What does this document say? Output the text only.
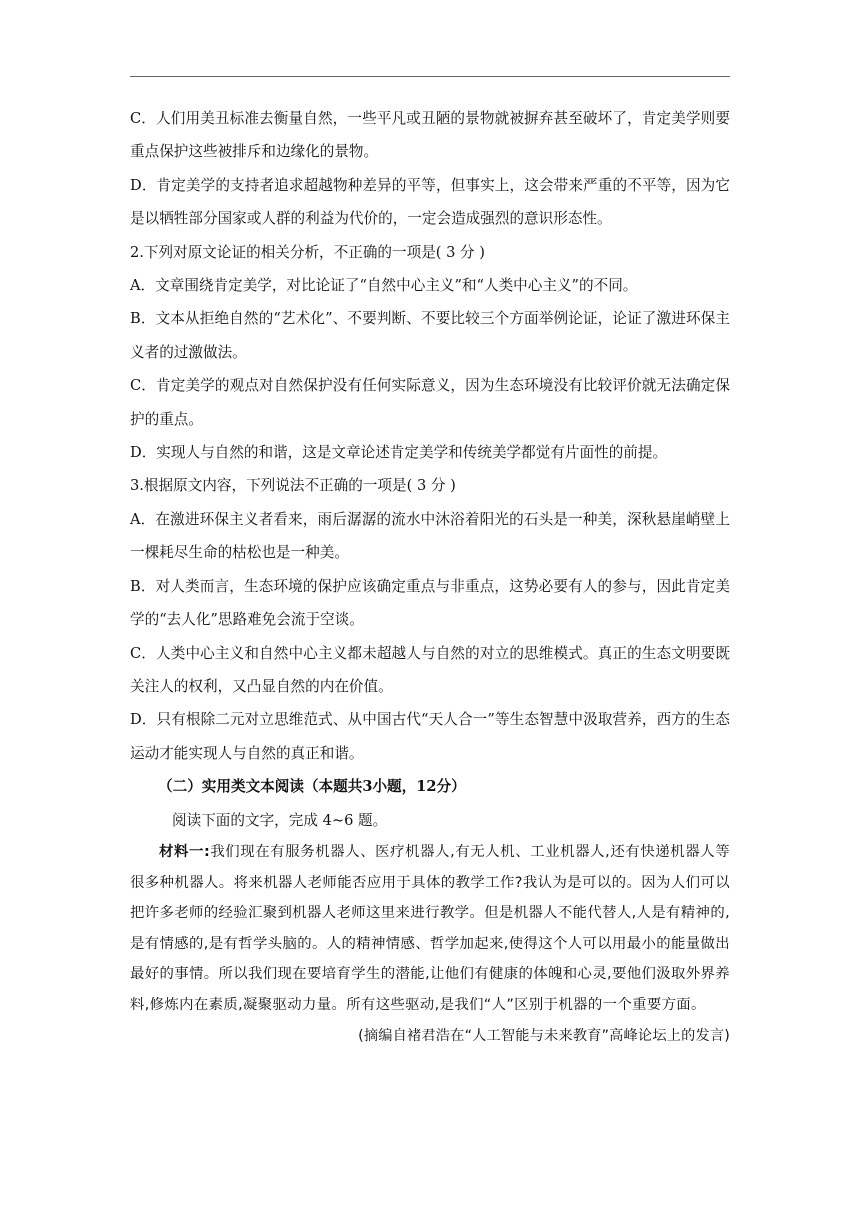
C．人们用美丑标准去衡量自然，一些平凡或丑陋的景物就被摒弃甚至破坏了，肯定美学则要重点保护这些被排斥和边缘化的景物。

D．肯定美学的支持者追求超越物种差异的平等，但事实上，这会带来严重的不平等，因为它是以牺牲部分国家或人群的利益为代价的，一定会造成强烈的意识形态性。

2.下列对原文论证的相关分析，不正确的一项是( 3 分 )

A．文章围绕肯定美学，对比论证了“自然中心主义”和“人类中心主义”的不同。

B．文本从拒绝自然的“艺术化”、不要判断、不要比较三个方面举例论证，论证了激进环保主义者的过激做法。

C．肯定美学的观点对自然保护没有任何实际意义，因为生态环境没有比较评价就无法确定保护的重点。

D．实现人与自然的和谐，这是文章论述肯定美学和传统美学都觉有片面性的前提。

3.根据原文内容，下列说法不正确的一项是( 3 分 )

A．在激进环保主义者看来，雨后潺潺的流水中沐浴着阳光的石头是一种美，深秋悬崖峭壁上一棵耗尽生命的枯松也是一种美。

B．对人类而言，生态环境的保护应该确定重点与非重点，这势必要有人的参与，因此肯定美学的“去人化”思路难免会流于空谈。

C．人类中心主义和自然中心主义都未超越人与自然的对立的思维模式。真正的生态文明要既关注人的权利，又凸显自然的内在价值。

D．只有根除二元对立思维范式、从中国古代“天人合一”等生态智慧中汲取营养，西方的生态运动才能实现人与自然的真正和谐。

（二）实用类文本阅读（本题共3小题，12分）

阅读下面的文字，完成 4~6 题。

材料一:我们现在有服务机器人、医疗机器人,有无人机、工业机器人,还有快递机器人等很多种机器人。将来机器人老师能否应用于具体的教学工作?我认为是可以的。因为人们可以把许多老师的经验汇聚到机器人老师这里来进行教学。但是机器人不能代替人,人是有精神的,是有情感的,是有哲学头脑的。人的精神情感、哲学加起来,使得这个人可以用最小的能量做出最好的事情。所以我们现在要培育学生的潜能,让他们有健康的体魄和心灵,要他们汲取外界养料,修炼内在素质,凝聚驱动力量。所有这些驱动,是我们“人”区别于机器的一个重要方面。

(摘编自褚君浩在“人工智能与未来教育”高峰论坛上的发言)
